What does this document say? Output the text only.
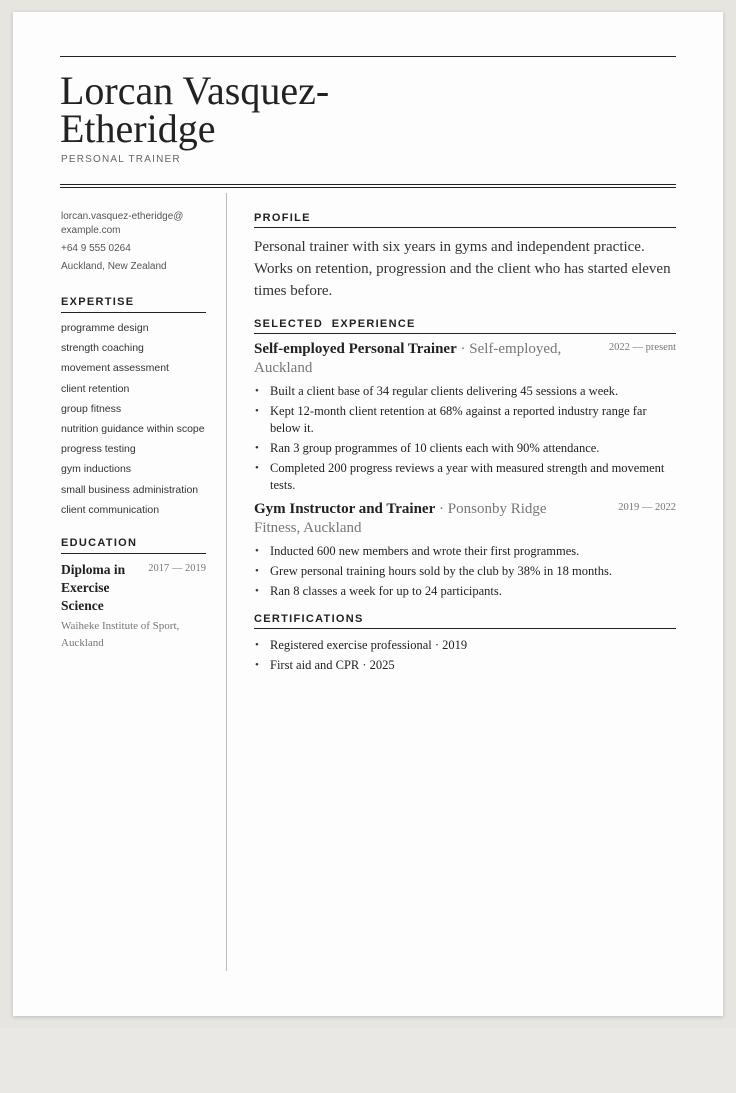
Lorcan Vasquez-Etheridge
PERSONAL TRAINER
lorcan.vasquez-etheridge@example.com
+64 9 555 0264
Auckland, New Zealand
EXPERTISE
programme design
strength coaching
movement assessment
client retention
group fitness
nutrition guidance within scope
progress testing
gym inductions
small business administration
client communication
EDUCATION
Diploma in Exercise Science
2017 — 2019
Waiheke Institute of Sport, Auckland
PROFILE

Personal trainer with six years in gyms and independent practice. Works on retention, progression and the client who has started eleven times before.

SELECTED  EXPERIENCE
Self-employed Personal Trainer · Self-employed, Auckland
2022 — present
• Built a client base of 34 regular clients delivering 45 sessions a week.
• Kept 12-month client retention at 68% against a reported industry range far below it.
• Ran 3 group programmes of 10 clients each with 90% attendance.
• Completed 200 progress reviews a year with measured strength and movement tests.
Gym Instructor and Trainer · Ponsonby Ridge Fitness, Auckland
2019 — 2022
• Inducted 600 new members and wrote their first programmes.
• Grew personal training hours sold by the club by 38% in 18 months.
• Ran 8 classes a week for up to 24 participants.
CERTIFICATIONS
• Registered exercise professional · 2019
• First aid and CPR · 2025
